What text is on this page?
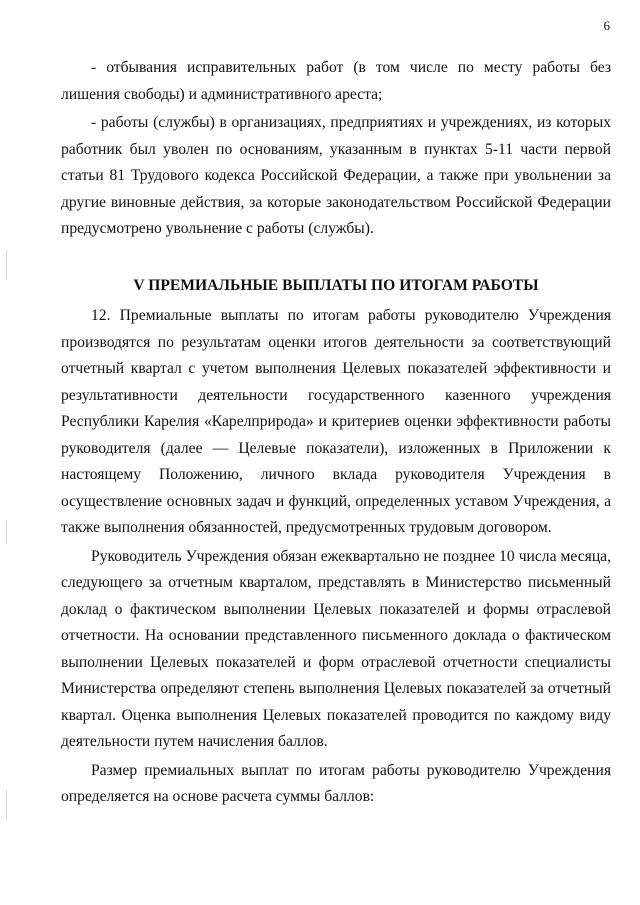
6

- отбывания исправительных работ (в том числе по месту работы без лишения свободы) и административного ареста;

- работы (службы) в организациях, предприятиях и учреждениях, из которых работник был уволен по основаниям, указанным в пунктах 5-11 части первой статьи 81 Трудового кодекса Российской Федерации, а также при увольнении за другие виновные действия, за которые законодательством Российской Федерации предусмотрено увольнение с работы (службы).

V ПРЕМИАЛЬНЫЕ ВЫПЛАТЫ ПО ИТОГАМ РАБОТЫ

12. Премиальные выплаты по итогам работы руководителю Учреждения производятся по результатам оценки итогов деятельности за соответствующий отчетный квартал с учетом выполнения Целевых показателей эффективности и результативности деятельности государственного казенного учреждения Республики Карелия «Карелприрода» и критериев оценки эффективности работы руководителя (далее — Целевые показатели), изложенных в Приложении к настоящему Положению, личного вклада руководителя Учреждения в осуществление основных задач и функций, определенных уставом Учреждения, а также выполнения обязанностей, предусмотренных трудовым договором.

Руководитель Учреждения обязан ежеквартально не позднее 10 числа месяца, следующего за отчетным кварталом, представлять в Министерство письменный доклад о фактическом выполнении Целевых показателей и формы отраслевой отчетности. На основании представленного письменного доклада о фактическом выполнении Целевых показателей и форм отраслевой отчетности специалисты Министерства определяют степень выполнения Целевых показателей за отчетный квартал. Оценка выполнения Целевых показателей проводится по каждому виду деятельности путем начисления баллов.

Размер премиальных выплат по итогам работы руководителю Учреждения определяется на основе расчета суммы баллов:
